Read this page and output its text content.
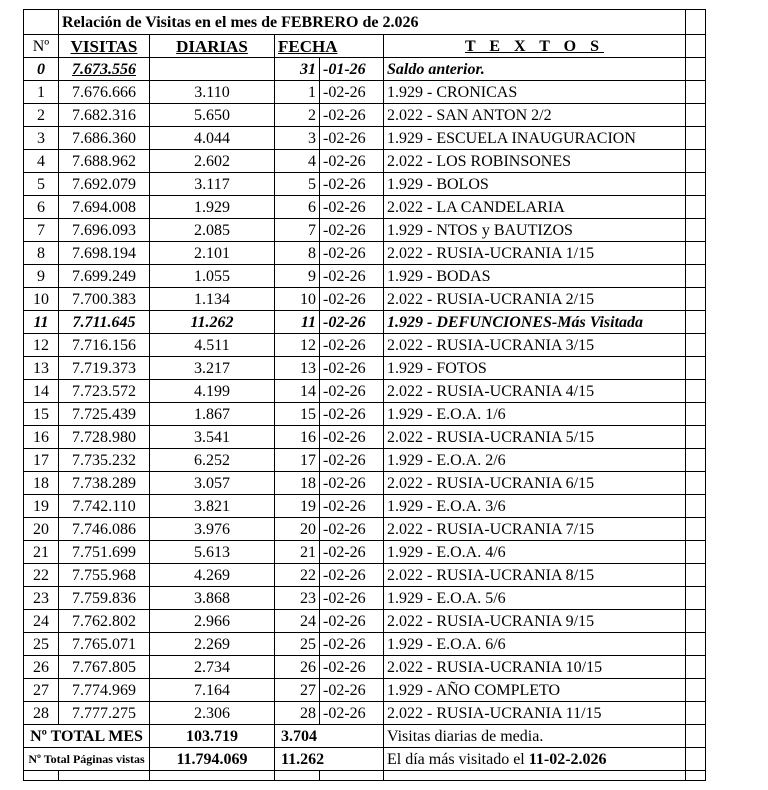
	Relación de Visitas en el mes de FEBRERO de 2.026					
Nº	VISITAS	DIARIAS	FECHA		T E X T O S	
0	7.673.556		31	-01-26	Saldo anterior.	
1	7.676.666	3.110	1	-02-26	1.929 - CRONICAS	
2	7.682.316	5.650	2	-02-26	2.022 - SAN ANTON 2/2	
3	7.686.360	4.044	3	-02-26	1.929 - ESCUELA INAUGURACION	
4	7.688.962	2.602	4	-02-26	2.022 - LOS ROBINSONES	
5	7.692.079	3.117	5	-02-26	1.929 - BOLOS	
6	7.694.008	1.929	6	-02-26	2.022 - LA CANDELARIA	
7	7.696.093	2.085	7	-02-26	1.929 - NTOS y BAUTIZOS	
8	7.698.194	2.101	8	-02-26	2.022 - RUSIA-UCRANIA 1/15	
9	7.699.249	1.055	9	-02-26	1.929 - BODAS	
10	7.700.383	1.134	10	-02-26	2.022 - RUSIA-UCRANIA 2/15	
11	7.711.645	11.262	11	-02-26	1.929 - DEFUNCIONES-Más Visitada	
12	7.716.156	4.511	12	-02-26	2.022 - RUSIA-UCRANIA 3/15	
13	7.719.373	3.217	13	-02-26	1.929 - FOTOS	
14	7.723.572	4.199	14	-02-26	2.022 - RUSIA-UCRANIA 4/15	
15	7.725.439	1.867	15	-02-26	1.929 - E.O.A. 1/6	
16	7.728.980	3.541	16	-02-26	2.022 - RUSIA-UCRANIA 5/15	
17	7.735.232	6.252	17	-02-26	1.929 - E.O.A. 2/6	
18	7.738.289	3.057	18	-02-26	2.022 - RUSIA-UCRANIA 6/15	
19	7.742.110	3.821	19	-02-26	1.929 - E.O.A. 3/6	
20	7.746.086	3.976	20	-02-26	2.022 - RUSIA-UCRANIA 7/15	
21	7.751.699	5.613	21	-02-26	1.929 - E.O.A. 4/6	
22	7.755.968	4.269	22	-02-26	2.022 - RUSIA-UCRANIA 8/15	
23	7.759.836	3.868	23	-02-26	1.929 - E.O.A. 5/6	
24	7.762.802	2.966	24	-02-26	2.022 - RUSIA-UCRANIA 9/15	
25	7.765.071	2.269	25	-02-26	1.929 - E.O.A. 6/6	
26	7.767.805	2.734	26	-02-26	2.022 - RUSIA-UCRANIA 10/15	
27	7.774.969	7.164	27	-02-26	1.929 - AÑO COMPLETO	
28	7.777.275	2.306	28	-02-26	2.022 - RUSIA-UCRANIA 11/15	
Nº TOTAL MES		103.719	3.704		Visitas diarias de media.	
Nº Total Páginas vistas		11.794.069	11.262		El día más visitado el 11-02-2.026	
